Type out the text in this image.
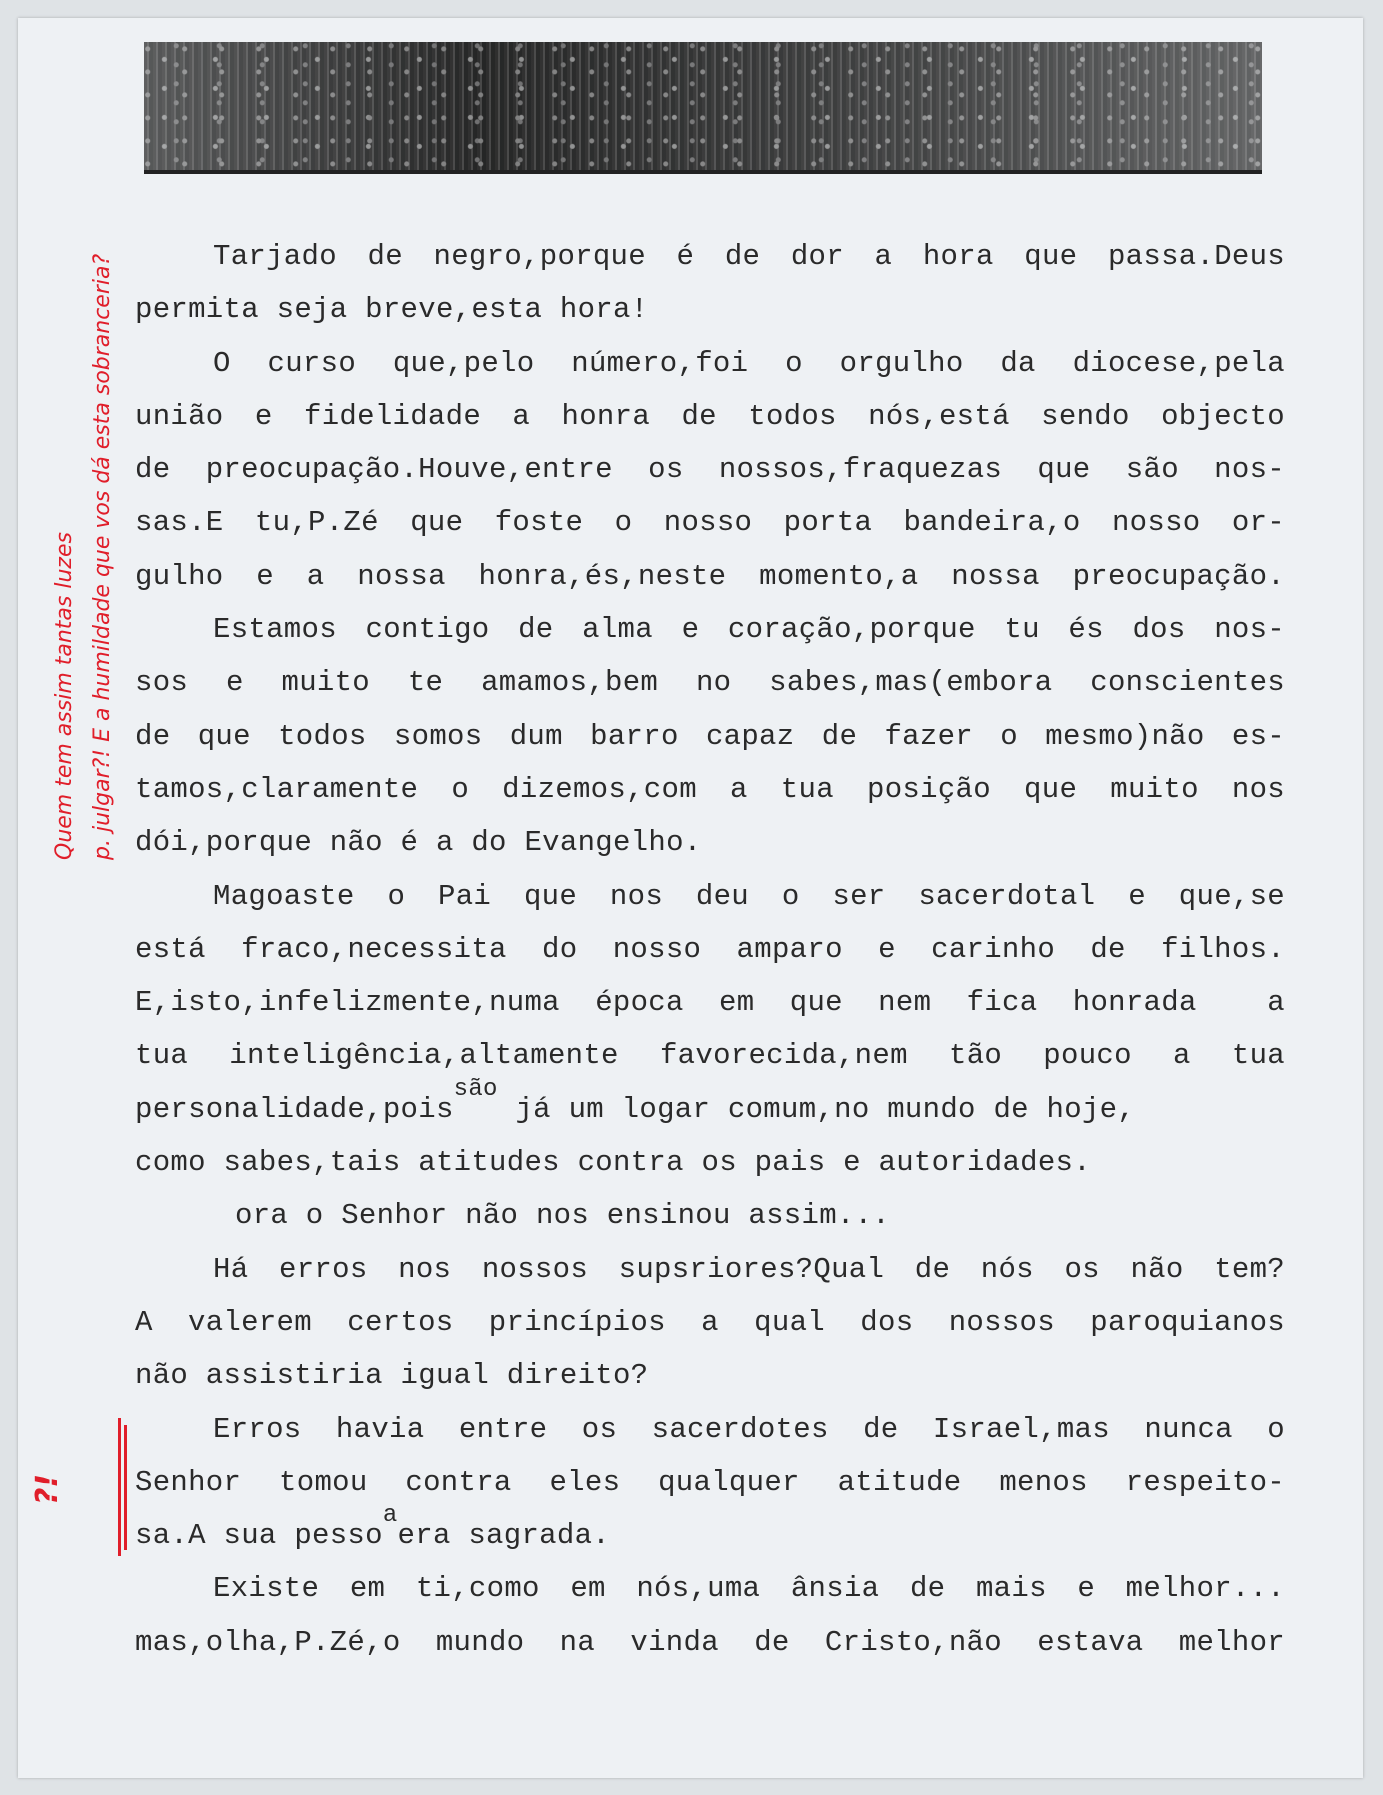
Tarjado de negro,porque é de dor a hora que passa.Deus
permita seja breve,esta hora!
O curso que,pelo número,foi o orgulho da diocese,pela
união e fidelidade a honra de todos nós,está sendo objecto
de preocupação.Houve,entre os nossos,fraquezas que são nos-
sas.E tu,P.Zé que foste o nosso porta bandeira,o nosso or-
gulho e a nossa honra,és,neste momento,a nossa preocupação.
Estamos contigo de alma e coração,porque tu és dos nos-
sos e muito te amamos,bem no sabes,mas(embora conscientes
de que todos somos dum barro capaz de fazer o mesmo)não es-
tamos,claramente o dizemos,com a tua posição que muito nos
dói,porque não é a do Evangelho.
Magoaste o Pai que nos deu o ser sacerdotal e que,se
está fraco,necessita do nosso amparo e carinho de filhos.
E,isto,infelizmente,numa época em que nem fica honrada  a
tua inteligência,altamente favorecida,nem tão pouco a tua
personalidade,pois$^{são}$ já um logar comum,no mundo de hoje,
como sabes,tais atitudes contra os pais e autoridades.
ora o Senhor não nos ensinou assim...
Há erros nos nossos supsriores?Qual de nós os não tem?
A valerem certos princípios a qual dos nossos paroquianos
não assistiria igual direito?
Erros havia entre os sacerdotes de Israel,mas nunca o
Senhor tomou contra eles qualquer atitude menos respeito-
sa.A sua pesso$^a$era sagrada.
Existe em ti,como em nós,uma ânsia de mais e melhor...
mas,olha,P.Zé,o mundo na vinda de Cristo,não estava melhor
Quem tem assim tantas luzes p. julgar?! E a humildade que vos dá esta sobranceria?
?!
